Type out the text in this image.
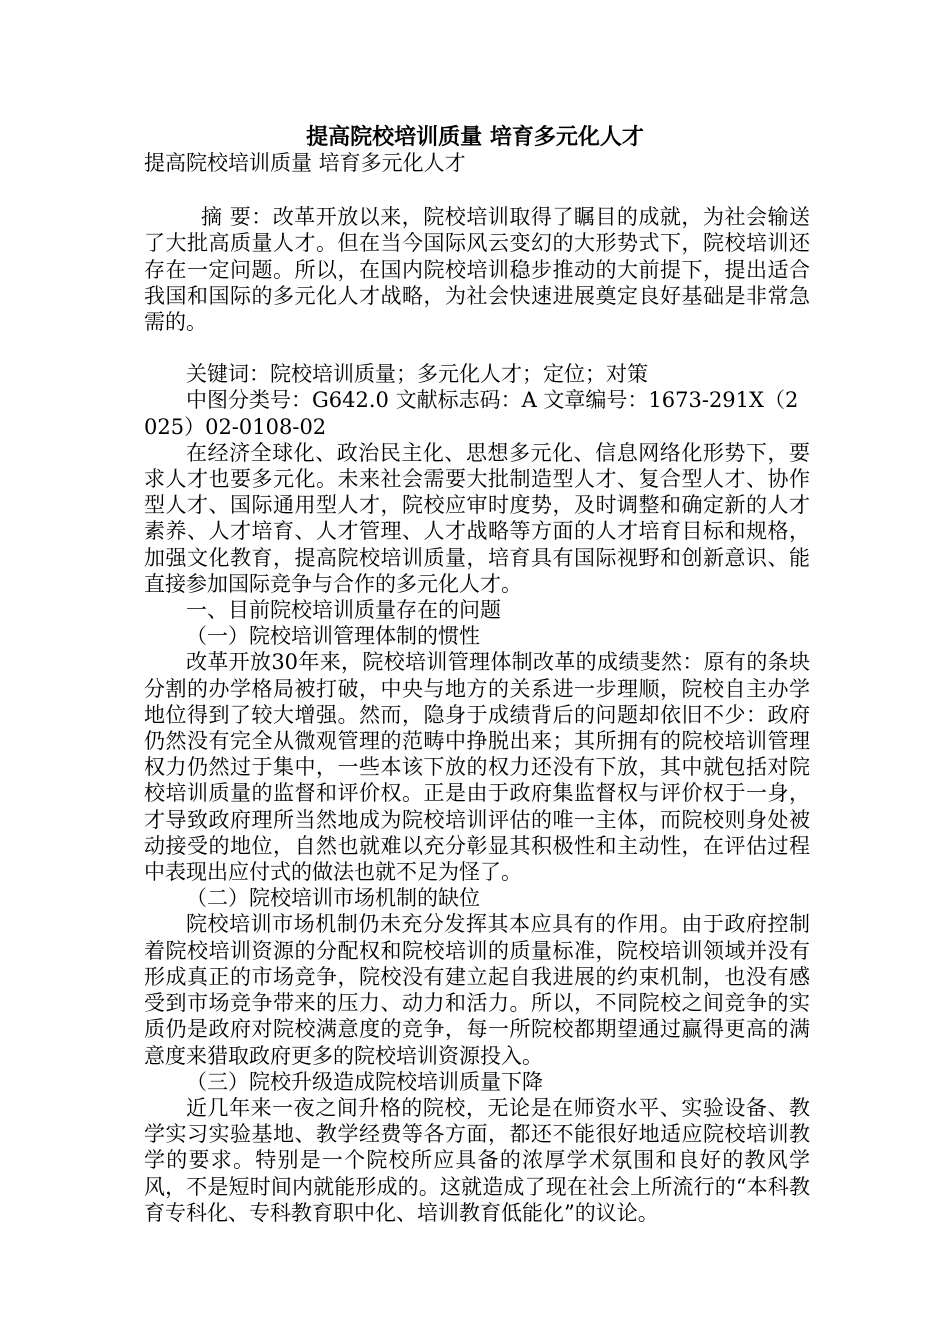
提高院校培训质量 培育多元化人才

提高院校培训质量 培育多元化人才

摘 要：改革开放以来，院校培训取得了瞩目的成就，为社会输送了大批高质量人才。但在当今国际风云变幻的大形势式下，院校培训还存在一定问题。所以，在国内院校培训稳步推动的大前提下，提出适合我国和国际的多元化人才战略，为社会快速进展奠定良好基础是非常急需的。

关键词：院校培训质量；多元化人才；定位；对策

中图分类号：G642.0 文献标志码：A 文章编号：1673-291X（2025）02-0108-02

在经济全球化、政治民主化、思想多元化、信息网络化形势下，要求人才也要多元化。未来社会需要大批制造型人才、复合型人才、协作型人才、国际通用型人才，院校应审时度势，及时调整和确定新的人才素养、人才培育、人才管理、人才战略等方面的人才培育目标和规格，加强文化教育，提高院校培训质量，培育具有国际视野和创新意识、能直接参加国际竞争与合作的多元化人才。

一、目前院校培训质量存在的问题

（一）院校培训管理体制的惯性

改革开放30年来，院校培训管理体制改革的成绩斐然：原有的条块分割的办学格局被打破，中央与地方的关系进一步理顺，院校自主办学地位得到了较大增强。然而，隐身于成绩背后的问题却依旧不少：政府仍然没有完全从微观管理的范畴中挣脱出来；其所拥有的院校培训管理权力仍然过于集中，一些本该下放的权力还没有下放，其中就包括对院校培训质量的监督和评价权。正是由于政府集监督权与评价权于一身，才导致政府理所当然地成为院校培训评估的唯一主体，而院校则身处被动接受的地位，自然也就难以充分彰显其积极性和主动性，在评估过程中表现出应付式的做法也就不足为怪了。

（二）院校培训市场机制的缺位

院校培训市场机制仍未充分发挥其本应具有的作用。由于政府控制着院校培训资源的分配权和院校培训的质量标准，院校培训领域并没有形成真正的市场竞争，院校没有建立起自我进展的约束机制，也没有感受到市场竞争带来的压力、动力和活力。所以，不同院校之间竞争的实质仍是政府对院校满意度的竞争，每一所院校都期望通过赢得更高的满意度来猎取政府更多的院校培训资源投入。

（三）院校升级造成院校培训质量下降

近几年来一夜之间升格的院校，无论是在师资水平、实验设备、教学实习实验基地、教学经费等各方面，都还不能很好地适应院校培训教学的要求。特别是一个院校所应具备的浓厚学术氛围和良好的教风学风，不是短时间内就能形成的。这就造成了现在社会上所流行的“本科教育专科化、专科教育职中化、培训教育低能化”的议论。
